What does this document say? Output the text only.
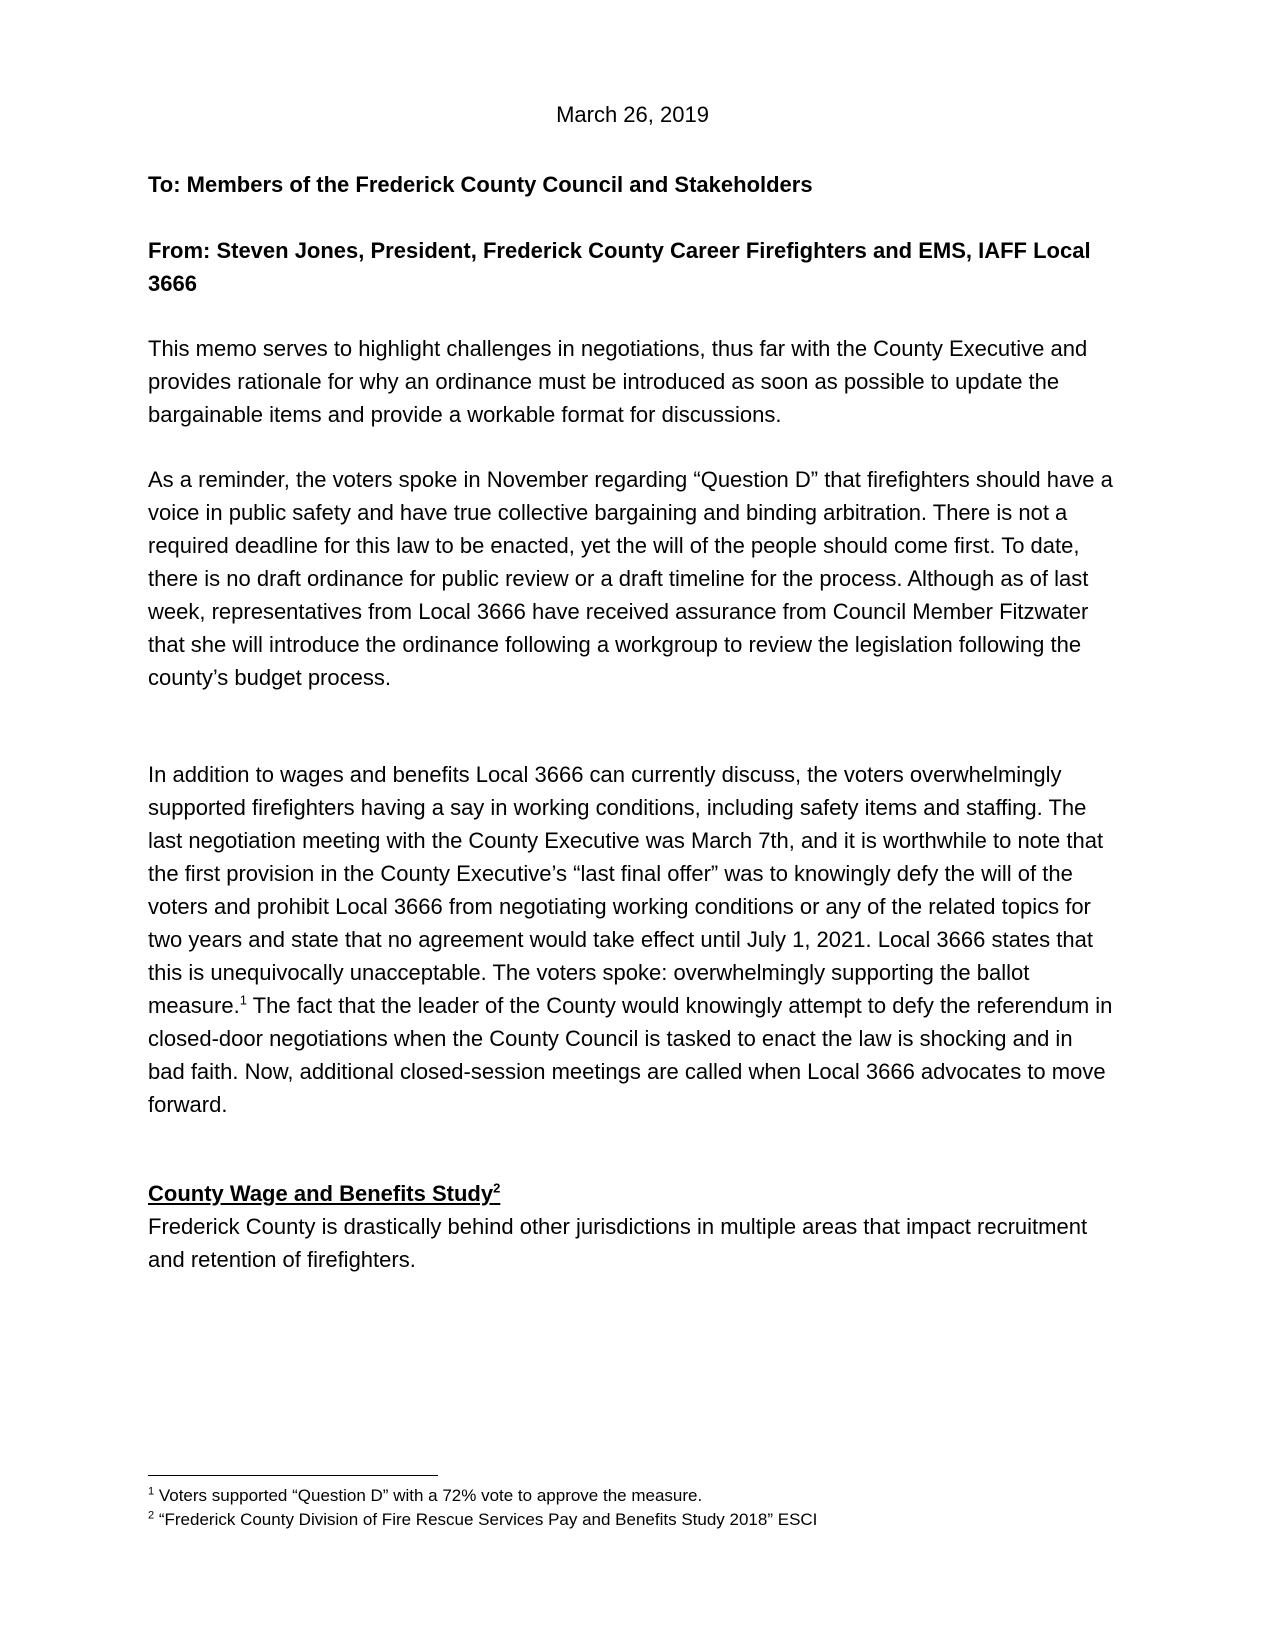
March 26, 2019
To: Members of the Frederick County Council and Stakeholders
From: Steven Jones, President, Frederick County Career Firefighters and EMS, IAFF Local 3666
This memo serves to highlight challenges in negotiations, thus far with the County Executive and provides rationale for why an ordinance must be introduced as soon as possible to update the bargainable items and provide a workable format for discussions.
As a reminder, the voters spoke in November regarding “Question D” that firefighters should have a voice in public safety and have true collective bargaining and binding arbitration. There is not a required deadline for this law to be enacted, yet the will of the people should come first. To date, there is no draft ordinance for public review or a draft timeline for the process. Although as of last week, representatives from Local 3666 have received assurance from Council Member Fitzwater that she will introduce the ordinance following a workgroup to review the legislation following the county’s budget process.
In addition to wages and benefits Local 3666 can currently discuss, the voters overwhelmingly supported firefighters having a say in working conditions, including safety items and staffing. The last negotiation meeting with the County Executive was March 7th, and it is worthwhile to note that the first provision in the County Executive’s “last final offer” was to knowingly defy the will of the voters and prohibit Local 3666 from negotiating working conditions or any of the related topics for two years and state that no agreement would take effect until July 1, 2021. Local 3666 states that this is unequivocally unacceptable. The voters spoke: overwhelmingly supporting the ballot measure.$^1$ The fact that the leader of the County would knowingly attempt to defy the referendum in closed-door negotiations when the County Council is tasked to enact the law is shocking and in bad faith. Now, additional closed-session meetings are called when Local 3666 advocates to move forward.
County Wage and Benefits Study$^2$
Frederick County is drastically behind other jurisdictions in multiple areas that impact recruitment and retention of firefighters.
$^1$ Voters supported “Question D” with a 72% vote to approve the measure.
$^2$ “Frederick County Division of Fire Rescue Services Pay and Benefits Study 2018” ESCI
